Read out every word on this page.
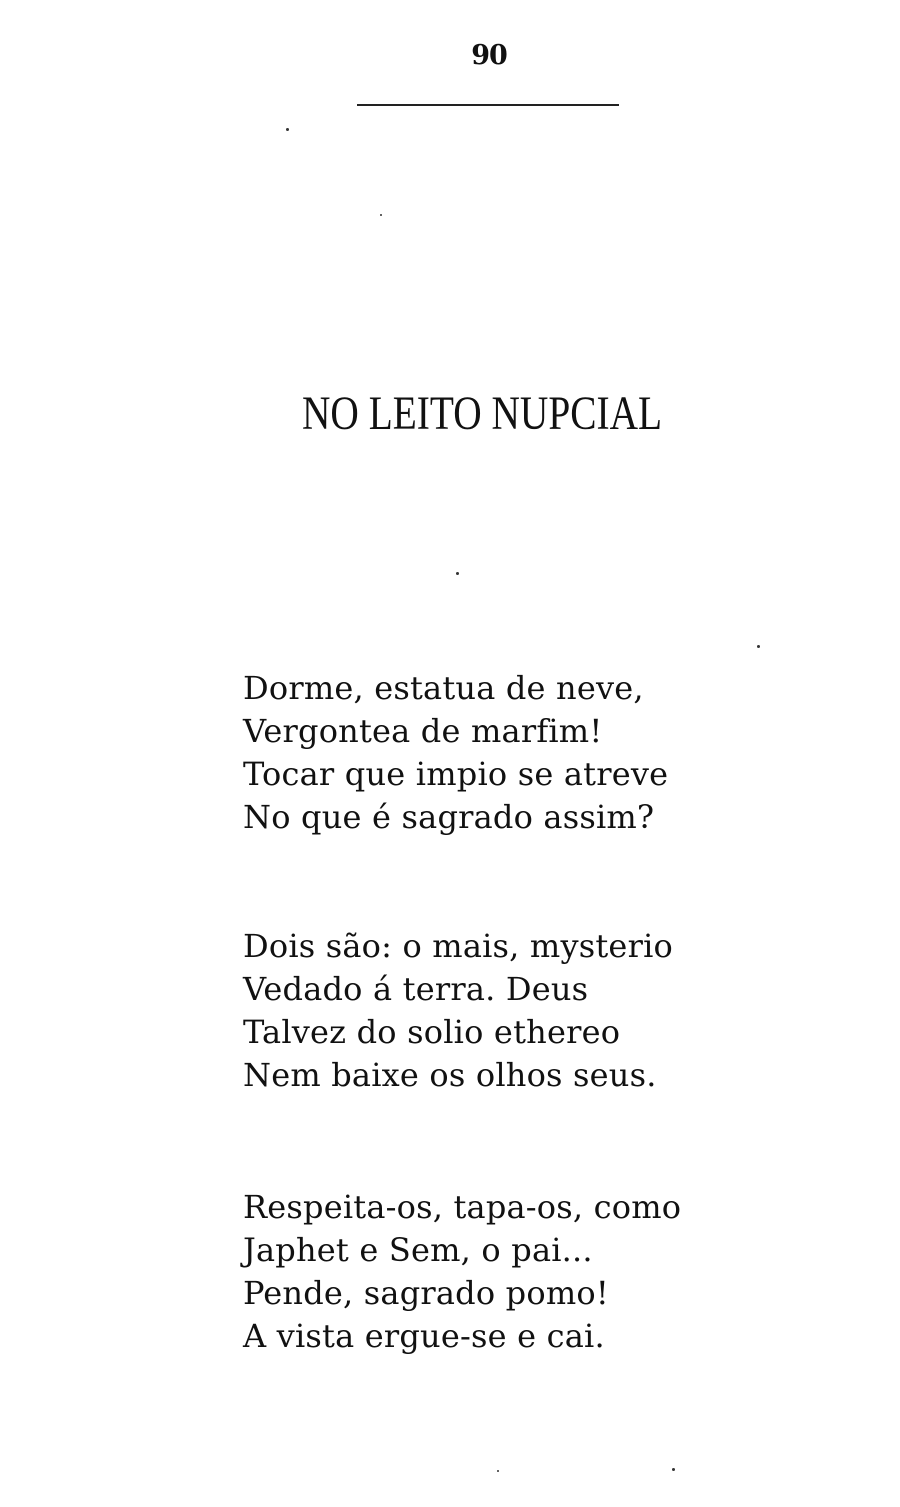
90
NO LEITO NUPCIAL
Dorme, estatua de neve,
Vergontea de marfim!
Tocar que impio se atreve
No que é sagrado assim?
Dois são: o mais, mysterio
Vedado á terra. Deus
Talvez do solio ethereo
Nem baixe os olhos seus.
Respeita-os, tapa-os, como
Japhet e Sem, o pai...
Pende, sagrado pomo!
A vista ergue-se e cai.
